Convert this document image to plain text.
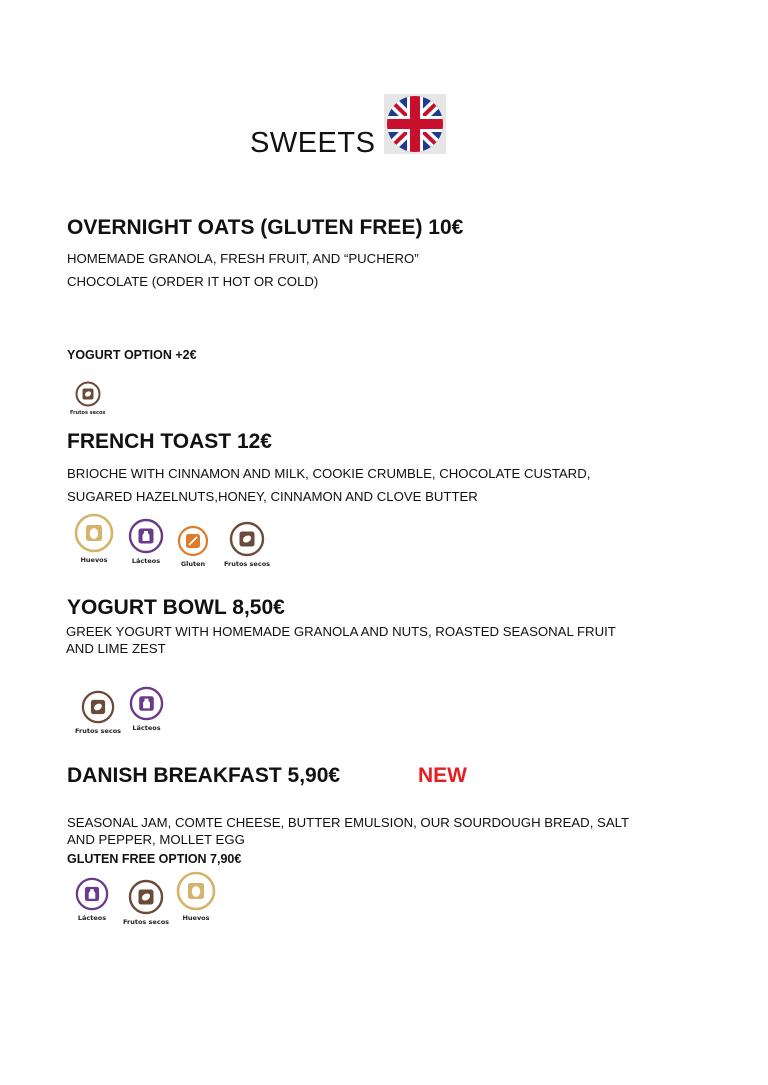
SWEETS
OVERNIGHT OATS (GLUTEN FREE) 10€
HOMEMADE GRANOLA, FRESH FRUIT, AND “PUCHERO”
CHOCOLATE (ORDER IT HOT OR COLD)
YOGURT OPTION +2€
Frutos secos
FRENCH TOAST 12€
BRIOCHE WITH CINNAMON AND MILK, COOKIE CRUMBLE, CHOCOLATE CUSTARD,
SUGARED HAZELNUTS,HONEY, CINNAMON AND CLOVE BUTTER
Huevos	Lácteos	Gluten	Frutos secos
YOGURT BOWL 8,50€
GREEK YOGURT WITH HOMEMADE GRANOLA AND NUTS, ROASTED SEASONAL FRUIT
AND LIME ZEST
Frutos secos Lácteos
DANISH BREAKFAST 5,90€	NEW
SEASONAL JAM, COMTE CHEESE, BUTTER EMULSION, OUR SOURDOUGH BREAD, SALT
AND PEPPER, MOLLET EGG
GLUTEN FREE OPTION 7,90€
Lácteos	Frutos secos Huevos
